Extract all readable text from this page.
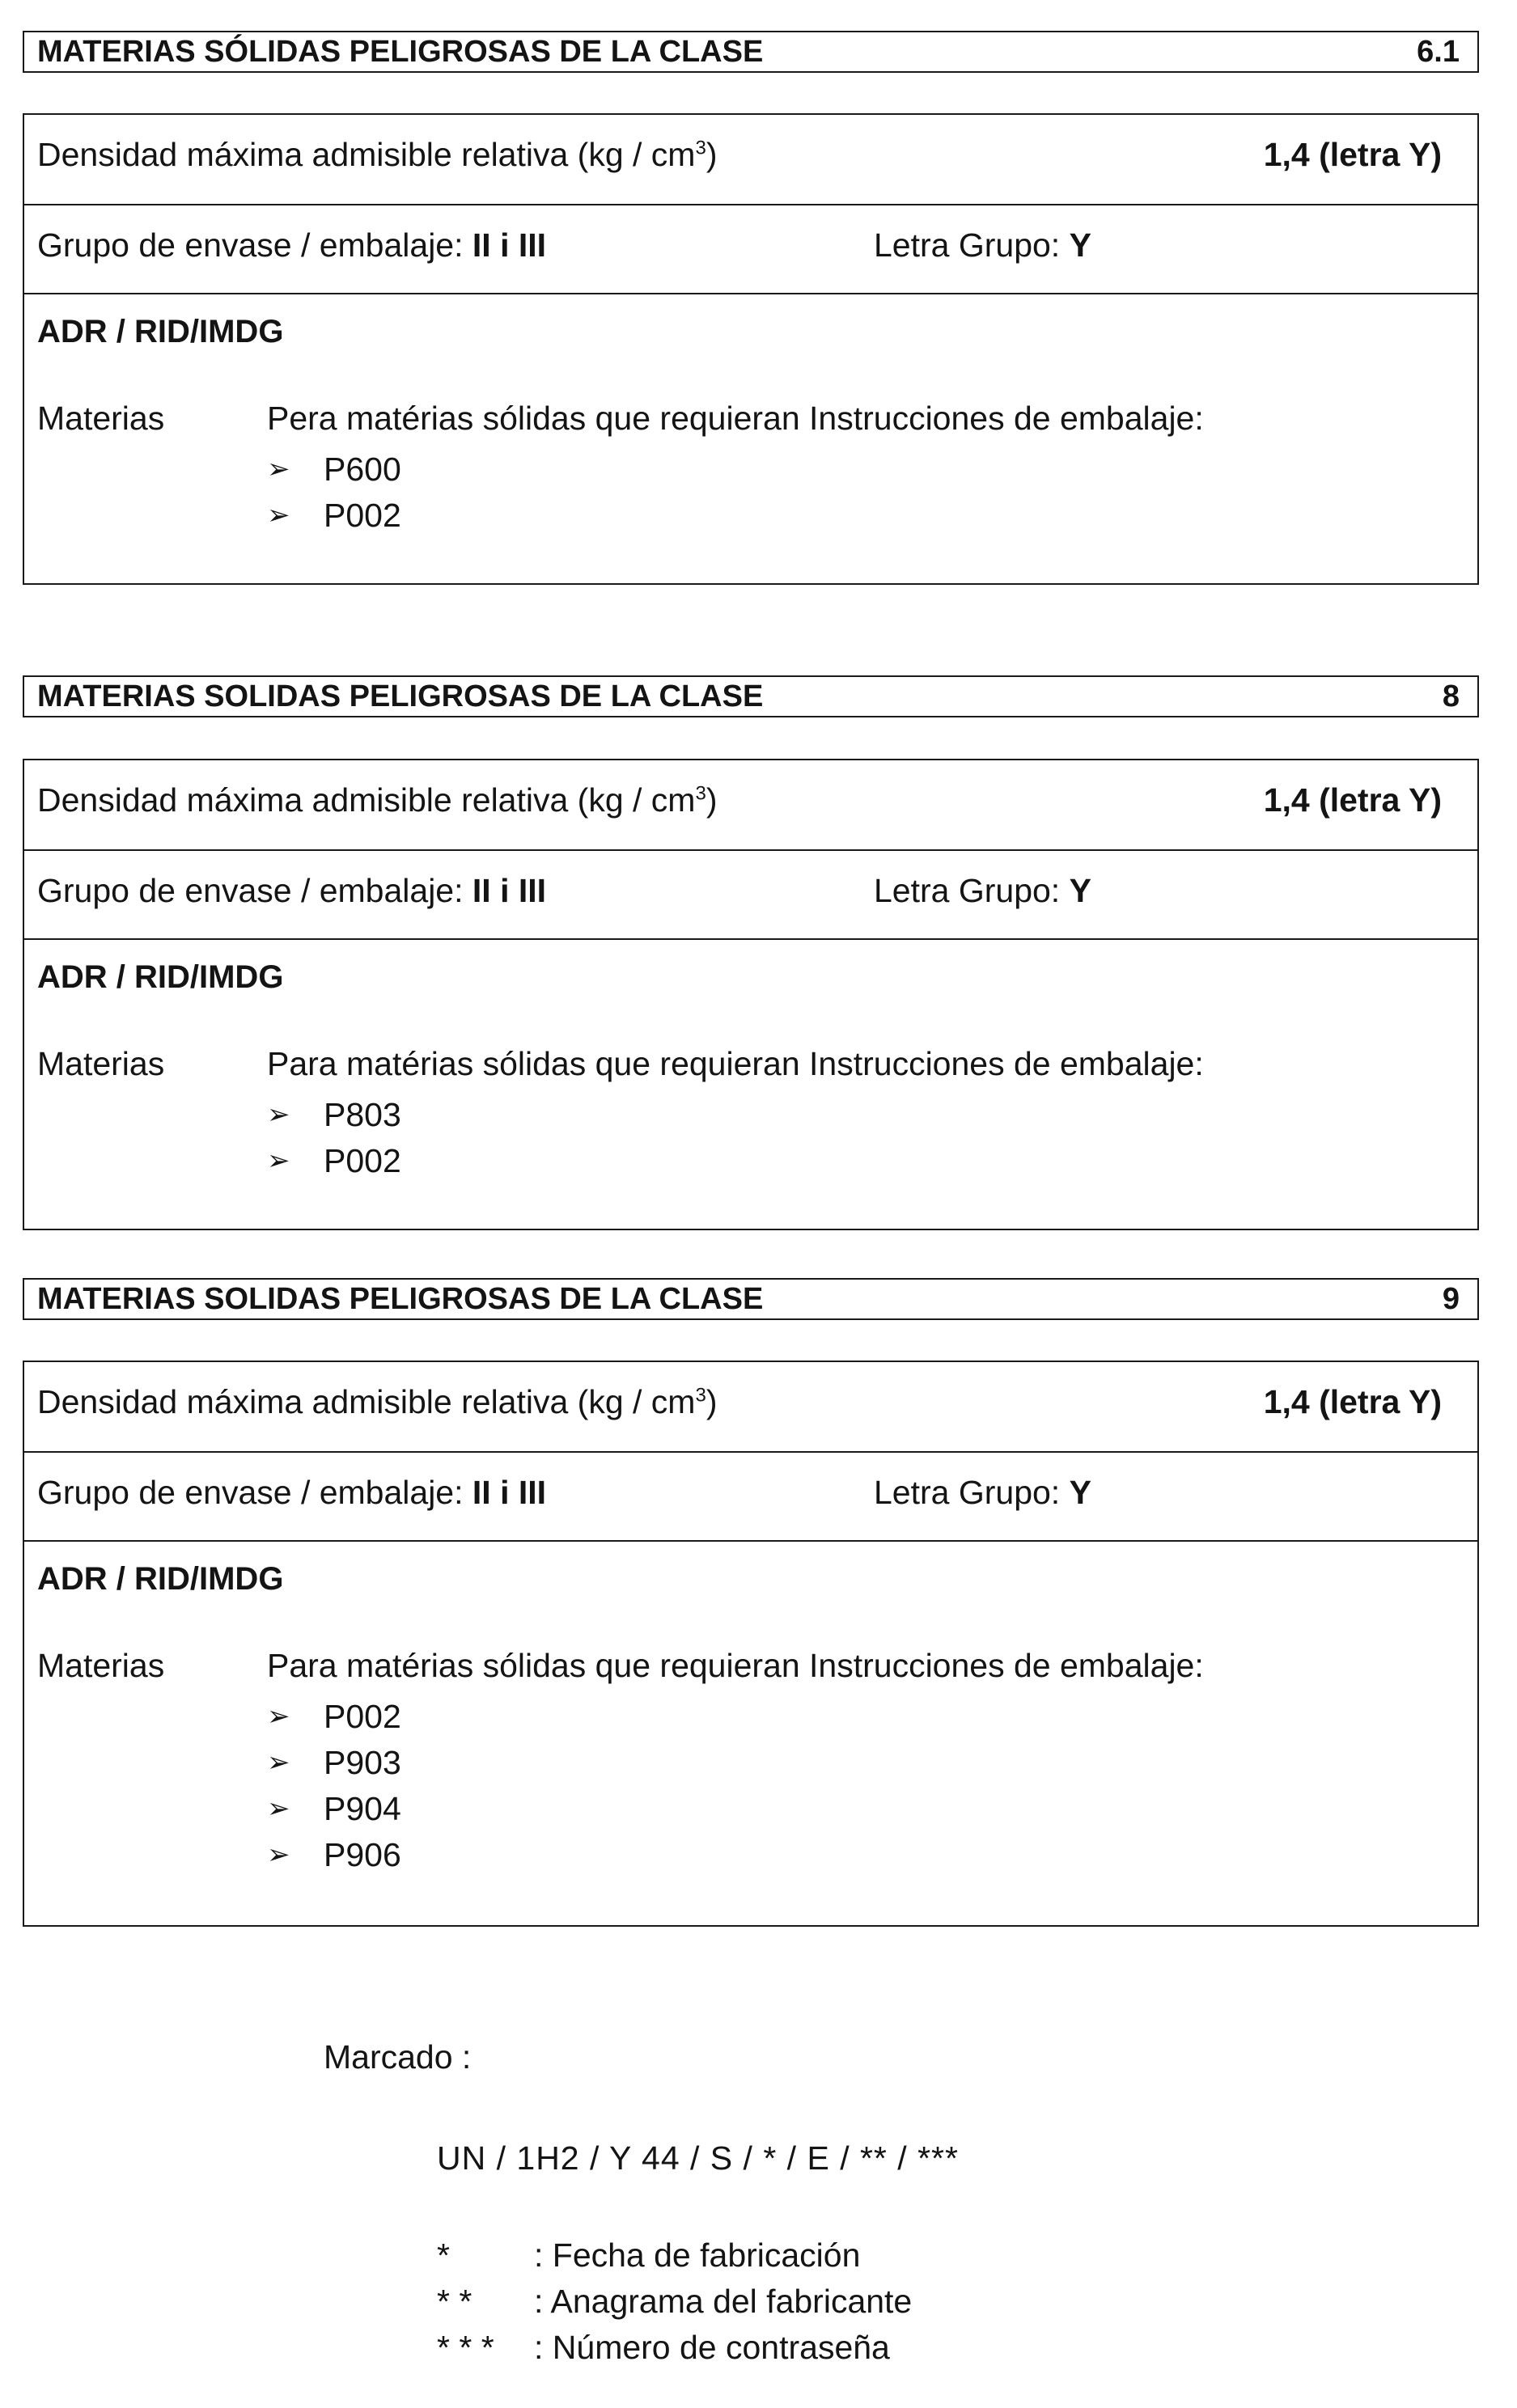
MATERIAS SÓLIDAS PELIGROSAS DE LA CLASE	6.1
Densidad máxima admisible relativa $(kg / cm^3)$	1,4 (letra Y)
Grupo de envase / embalaje: II i III	Letra Grupo: Y
ADR / RID/IMDG
Materias	Pera matérias sólidas que requieran Instrucciones de embalaje:
➢	P600
➢	P002
MATERIAS SOLIDAS PELIGROSAS DE LA CLASE	8
Densidad máxima admisible relativa $(kg / cm^3)$	1,4 (letra Y)
Grupo de envase / embalaje: II i III	Letra Grupo: Y
ADR / RID/IMDG
Materias	Para matérias sólidas que requieran Instrucciones de embalaje:
➢	P803
➢	P002
MATERIAS SOLIDAS PELIGROSAS DE LA CLASE	9
Densidad máxima admisible relativa $(kg / cm^3)$	1,4 (letra Y)
Grupo de envase / embalaje: II i III	Letra Grupo: Y
ADR / RID/IMDG
Materias	Para matérias sólidas que requieran Instrucciones de embalaje:
➢	P002
➢	P903
➢	P904
➢	P906
Marcado :
UN / 1H2 / Y 44 / S / * / E / ** / ***
*	: Fecha de fabricación
* *	: Anagrama del fabricante
* * *	: Número de contraseña
